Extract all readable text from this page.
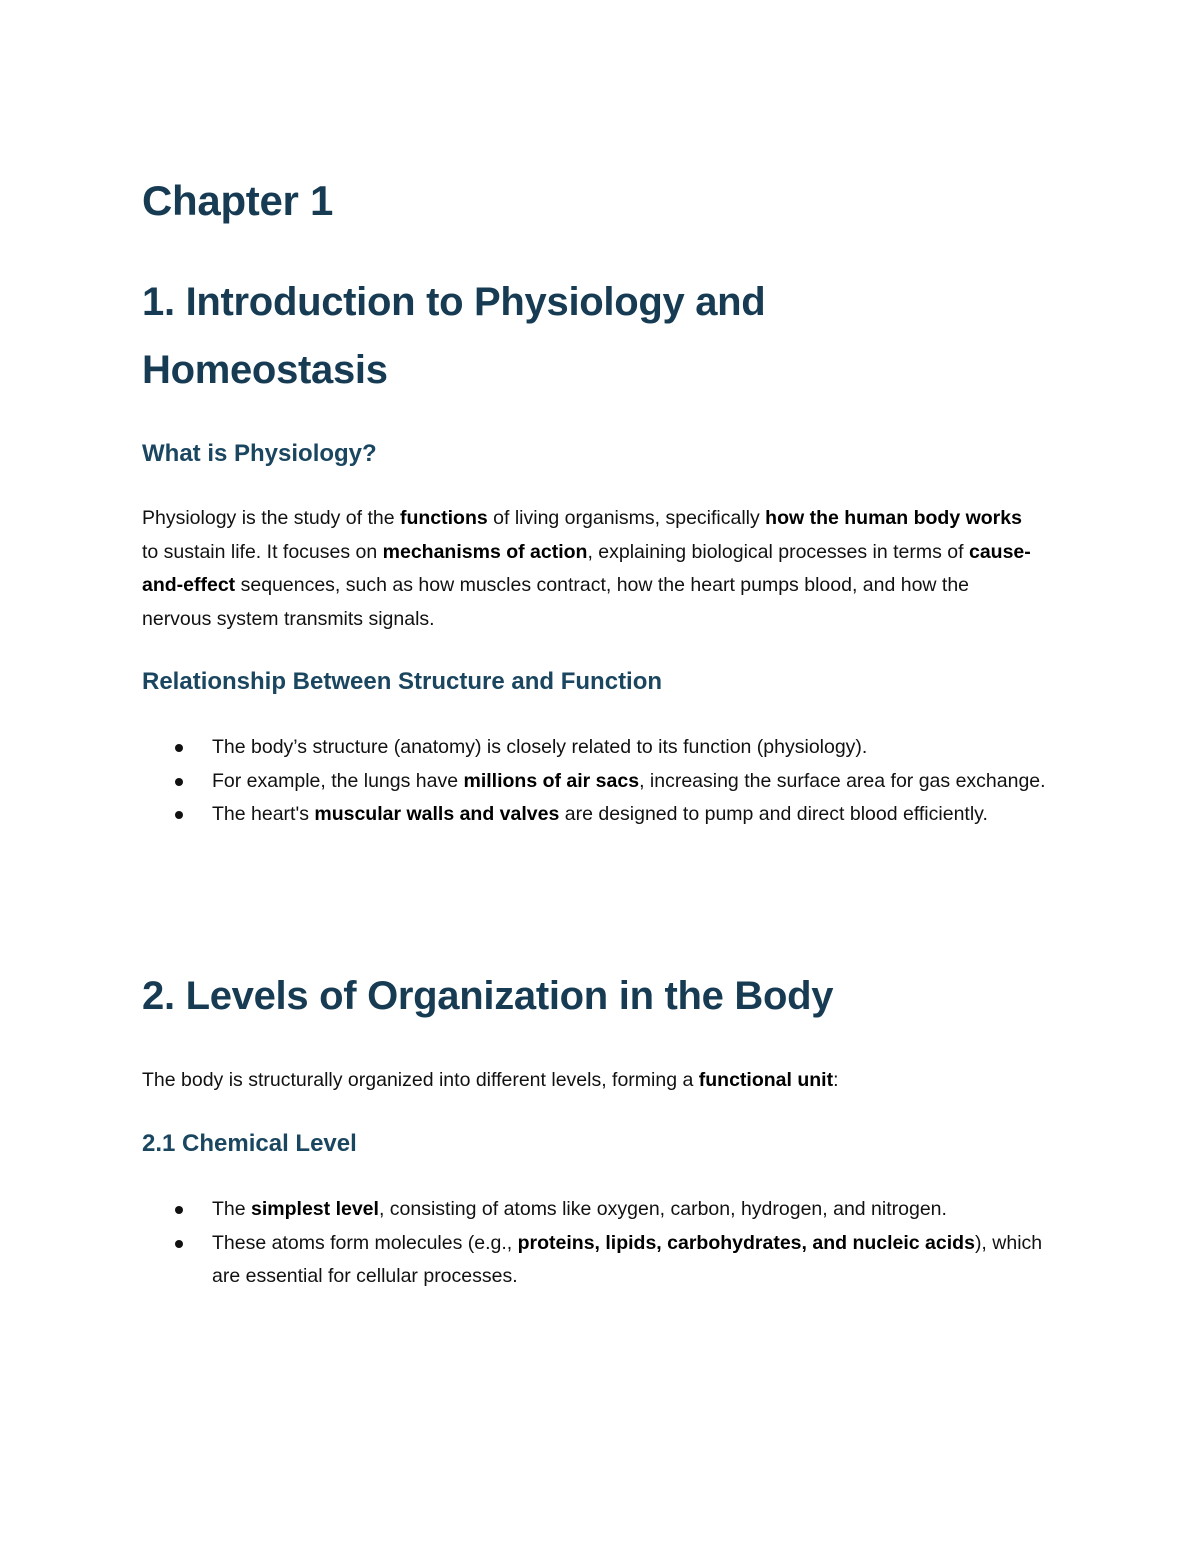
Chapter 1
1. Introduction to Physiology and
Homeostasis
What is Physiology?

Physiology is the study of the functions of living organisms, specifically how the human body works to sustain life. It focuses on mechanisms of action, explaining biological processes in terms of cause-and-effect sequences, such as how muscles contract, how the heart pumps blood, and how the nervous system transmits signals.

Relationship Between Structure and Function
The body’s structure (anatomy) is closely related to its function (physiology).
For example, the lungs have millions of air sacs, increasing the surface area for gas exchange.
The heart's muscular walls and valves are designed to pump and direct blood efficiently.
2. Levels of Organization in the Body

The body is structurally organized into different levels, forming a functional unit:

2.1 Chemical Level
The simplest level, consisting of atoms like oxygen, carbon, hydrogen, and nitrogen.
These atoms form molecules (e.g., proteins, lipids, carbohydrates, and nucleic acids), which are essential for cellular processes.
